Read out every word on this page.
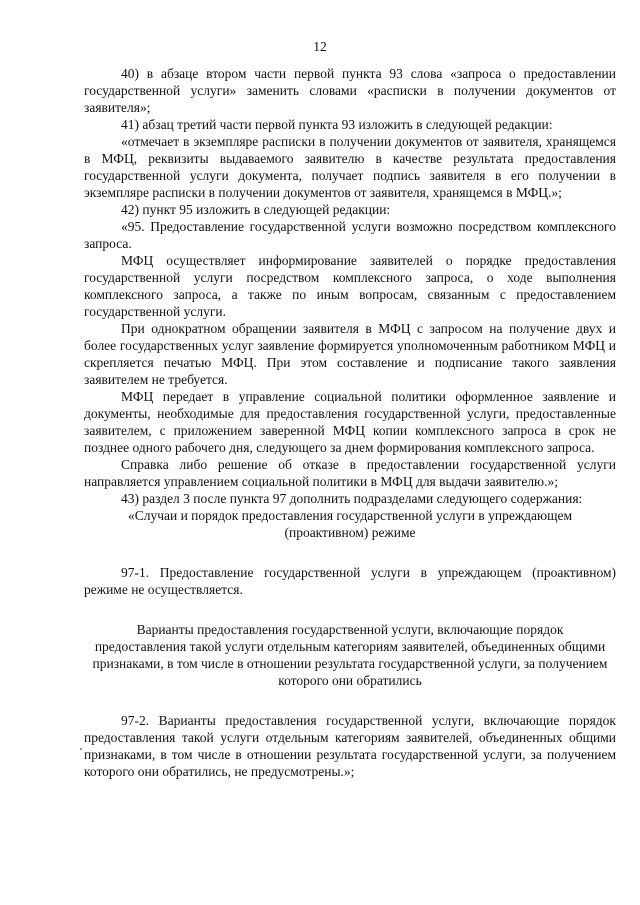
12

40) в абзаце втором части первой пункта 93 слова «запроса о предоставлении государственной услуги» заменить словами «расписки в получении документов от заявителя»;

41) абзац третий части первой пункта 93 изложить в следующей редакции:

«отмечает в экземпляре расписки в получении документов от заявителя, хранящемся в МФЦ, реквизиты выдаваемого заявителю в качестве результата предоставления государственной услуги документа, получает подпись заявителя в его получении в экземпляре расписки в получении документов от заявителя, хранящемся в МФЦ.»;

42) пункт 95 изложить в следующей редакции:

«95. Предоставление государственной услуги возможно посредством комплексного запроса.

МФЦ осуществляет информирование заявителей о порядке предоставления государственной услуги посредством комплексного запроса, о ходе выполнения комплексного запроса, а также по иным вопросам, связанным с предоставлением государственной услуги.

При однократном обращении заявителя в МФЦ с запросом на получение двух и более государственных услуг заявление формируется уполномоченным работником МФЦ и скрепляется печатью МФЦ. При этом составление и подписание такого заявления заявителем не требуется.

МФЦ передает в управление социальной политики оформленное заявление и документы, необходимые для предоставления государственной услуги, предоставленные заявителем, с приложением заверенной МФЦ копии комплексного запроса в срок не позднее одного рабочего дня, следующего за днем формирования комплексного запроса.

Справка либо решение об отказе в предоставлении государственной услуги направляется управлением социальной политики в МФЦ для выдачи заявителю.»;

43) раздел 3 после пункта 97 дополнить подразделами следующего содержания:

«Случаи и порядок предоставления государственной услуги в упреждающем (проактивном) режиме

97-1. Предоставление государственной услуги в упреждающем (проактивном) режиме не осуществляется.

Варианты предоставления государственной услуги, включающие порядок предоставления такой услуги отдельным категориям заявителей, объединенных общими признаками, в том числе в отношении результата государственной услуги, за получением которого они обратились

97-2. Варианты предоставления государственной услуги, включающие порядок предоставления такой услуги отдельным категориям заявителей, объединенных общими признаками, в том числе в отношении результата государственной услуги, за получением которого они обратились, не предусмотрены.»;
